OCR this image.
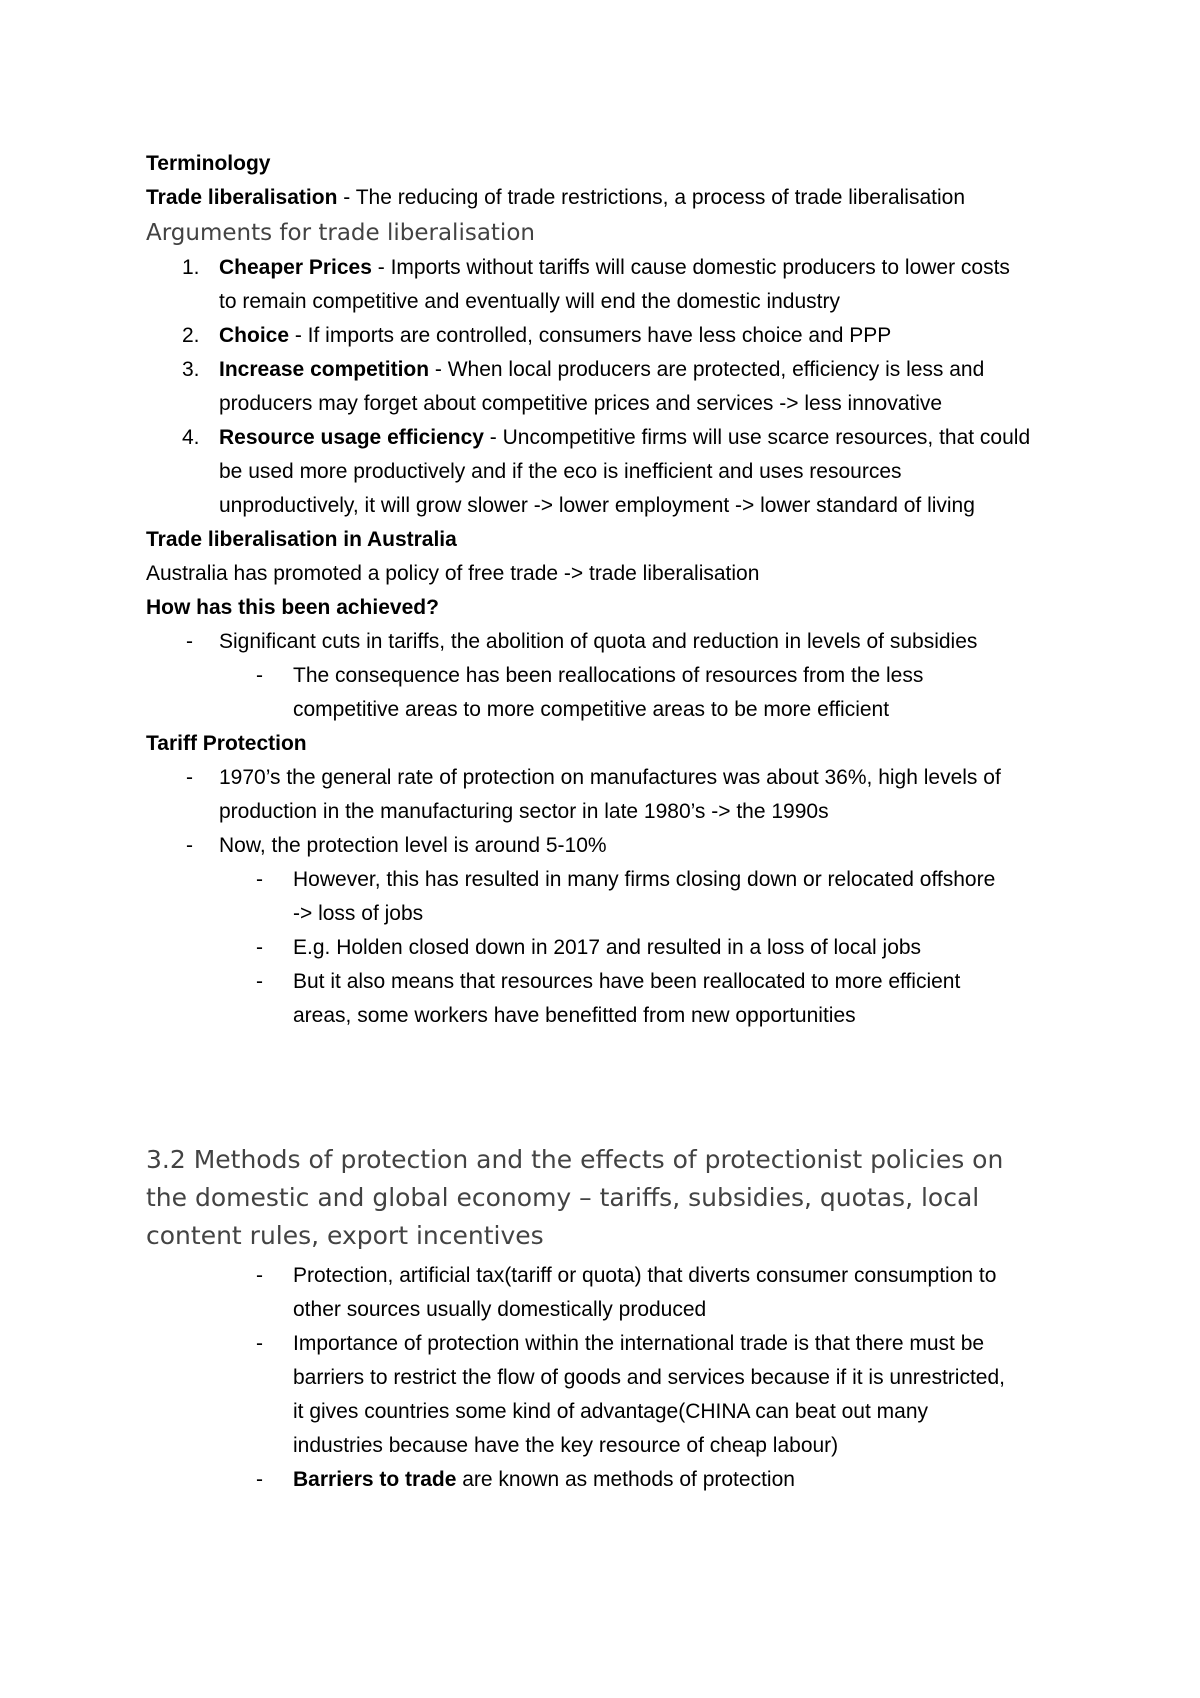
Terminology

Trade liberalisation - The reducing of trade restrictions, a process of trade liberalisation

Arguments for trade liberalisation

1. Cheaper Prices - Imports without tariffs will cause domestic producers to lower costs
to remain competitive and eventually will end the domestic industry
2. Choice - If imports are controlled, consumers have less choice and PPP
3. Increase competition - When local producers are protected, efficiency is less and
producers may forget about competitive prices and services -> less innovative
4. Resource usage efficiency - Uncompetitive firms will use scarce resources, that could
be used more productively and if the eco is inefficient and uses resources
unproductively, it will grow slower -> lower employment -> lower standard of living

Trade liberalisation in Australia

Australia has promoted a policy of free trade -> trade liberalisation

How has this been achieved?

- Significant cuts in tariffs, the abolition of quota and reduction in levels of subsidies
- The consequence has been reallocations of resources from the less
competitive areas to more competitive areas to be more efficient

Tariff Protection

- 1970’s the general rate of protection on manufactures was about 36%, high levels of
production in the manufacturing sector in late 1980’s -> the 1990s
- Now, the protection level is around 5-10%
- However, this has resulted in many firms closing down or relocated offshore
-> loss of jobs
- E.g. Holden closed down in 2017 and resulted in a loss of local jobs
- But it also means that resources have been reallocated to more efficient
areas, some workers have benefitted from new opportunities

3.2 Methods of protection and the effects of protectionist policies on

the domestic and global economy – tariffs, subsidies, quotas, local

content rules, export incentives

- Protection, artificial tax(tariff or quota) that diverts consumer consumption to
other sources usually domestically produced
- Importance of protection within the international trade is that there must be
barriers to restrict the flow of goods and services because if it is unrestricted,
it gives countries some kind of advantage(CHINA can beat out many
industries because have the key resource of cheap labour)
- Barriers to trade are known as methods of protection
